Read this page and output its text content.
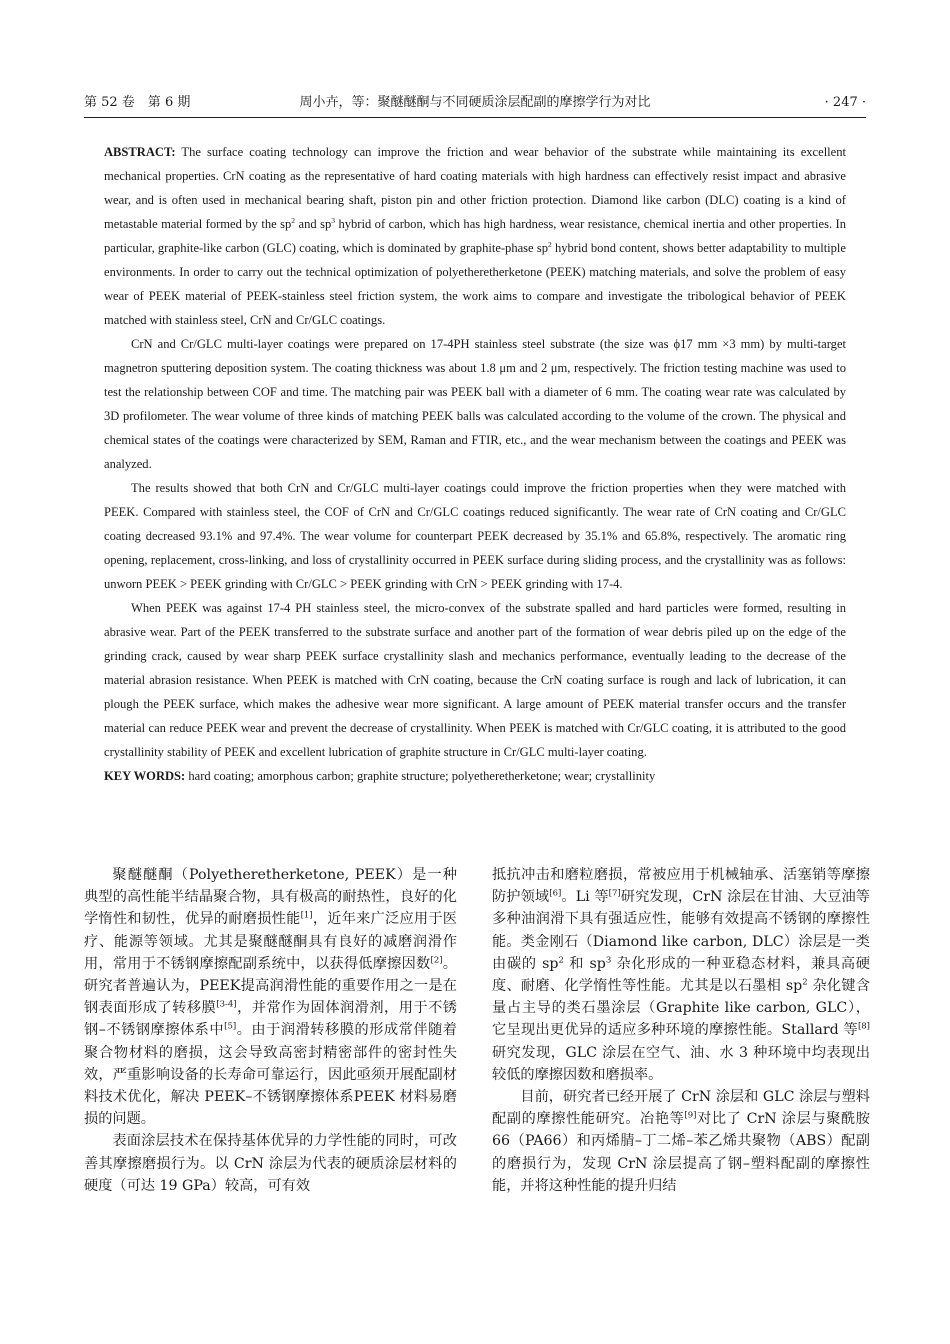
第 52 卷　第 6 期	周小卉，等：聚醚醚酮与不同硬质涂层配副的摩擦学行为对比	· 247 ·

ABSTRACT: The surface coating technology can improve the friction and wear behavior of the substrate while maintaining its excellent mechanical properties. CrN coating as the representative of hard coating materials with high hardness can effectively resist impact and abrasive wear, and is often used in mechanical bearing shaft, piston pin and other friction protection. Diamond like carbon (DLC) coating is a kind of metastable material formed by the $sp^2$ and $sp^3$ hybrid of carbon, which has high hardness, wear resistance, chemical inertia and other properties. In particular, graphite-like carbon (GLC) coating, which is dominated by graphite-phase $sp^2$ hybrid bond content, shows better adaptability to multiple environments. In order to carry out the technical optimization of polyetheretherketone (PEEK) matching materials, and solve the problem of easy wear of PEEK material of PEEK-stainless steel friction system, the work aims to compare and investigate the tribological behavior of PEEK matched with stainless steel, CrN and Cr/GLC coatings.

CrN and Cr/GLC multi-layer coatings were prepared on 17-4PH stainless steel substrate (the size was ϕ17 mm ×3 mm) by multi-target magnetron sputtering deposition system. The coating thickness was about 1.8 μm and 2 μm, respectively. The friction testing machine was used to test the relationship between COF and time. The matching pair was PEEK ball with a diameter of 6 mm. The coating wear rate was calculated by 3D profilometer. The wear volume of three kinds of matching PEEK balls was calculated according to the volume of the crown. The physical and chemical states of the coatings were characterized by SEM, Raman and FTIR, etc., and the wear mechanism between the coatings and PEEK was analyzed.

The results showed that both CrN and Cr/GLC multi-layer coatings could improve the friction properties when they were matched with PEEK. Compared with stainless steel, the COF of CrN and Cr/GLC coatings reduced significantly. The wear rate of CrN coating and Cr/GLC coating decreased 93.1% and 97.4%. The wear volume for counterpart PEEK decreased by 35.1% and 65.8%, respectively. The aromatic ring opening, replacement, cross-linking, and loss of crystallinity occurred in PEEK surface during sliding process, and the crystallinity was as follows: unworn PEEK > PEEK grinding with Cr/GLC > PEEK grinding with CrN > PEEK grinding with 17-4.

When PEEK was against 17-4 PH stainless steel, the micro-convex of the substrate spalled and hard particles were formed, resulting in abrasive wear. Part of the PEEK transferred to the substrate surface and another part of the formation of wear debris piled up on the edge of the grinding crack, caused by wear sharp PEEK surface crystallinity slash and mechanics performance, eventually leading to the decrease of the material abrasion resistance. When PEEK is matched with CrN coating, because the CrN coating surface is rough and lack of lubrication, it can plough the PEEK surface, which makes the adhesive wear more significant. A large amount of PEEK material transfer occurs and the transfer material can reduce PEEK wear and prevent the decrease of crystallinity. When PEEK is matched with Cr/GLC coating, it is attributed to the good crystallinity stability of PEEK and excellent lubrication of graphite structure in Cr/GLC multi-layer coating.

KEY WORDS: hard coating; amorphous carbon; graphite structure; polyetheretherketone; wear; crystallinity

聚醚醚酮（Polyetheretherketone, PEEK）是一种典型的高性能半结晶聚合物，具有极高的耐热性，良好的化学惰性和韧性，优异的耐磨损性能[1]，近年来广泛应用于医疗、能源等领域。尤其是聚醚醚酮具有良好的减磨润滑作用，常用于不锈钢摩擦配副系统中，以获得低摩擦因数[2]。研究者普遍认为，PEEK提高润滑性能的重要作用之一是在钢表面形成了转移膜[3-4]，并常作为固体润滑剂，用于不锈钢–不锈钢摩擦体系中[5]。由于润滑转移膜的形成常伴随着聚合物材料的磨损，这会导致高密封精密部件的密封性失效，严重影响设备的长寿命可靠运行，因此亟须开展配副材料技术优化，解决 PEEK–不锈钢摩擦体系PEEK 材料易磨损的问题。

表面涂层技术在保持基体优异的力学性能的同时，可改善其摩擦磨损行为。以 CrN 涂层为代表的硬质涂层材料的硬度（可达 19 GPa）较高，可有效

抵抗冲击和磨粒磨损，常被应用于机械轴承、活塞销等摩擦防护领域[6]。Li 等[7]研究发现，CrN 涂层在甘油、大豆油等多种油润滑下具有强适应性，能够有效提高不锈钢的摩擦性能。类金刚石（Diamond like carbon, DLC）涂层是一类由碳的 $sp^2$ 和 $sp^3$ 杂化形成的一种亚稳态材料，兼具高硬度、耐磨、化学惰性等性能。尤其是以石墨相 $sp^2$ 杂化键含量占主导的类石墨涂层（Graphite like carbon, GLC），它呈现出更优异的适应多种环境的摩擦性能。Stallard 等[8]研究发现，GLC 涂层在空气、油、水 3 种环境中均表现出较低的摩擦因数和磨损率。

目前，研究者已经开展了 CrN 涂层和 GLC 涂层与塑料配副的摩擦性能研究。冶艳等[9]对比了 CrN 涂层与聚酰胺 66（PA66）和丙烯腈–丁二烯–苯乙烯共聚物（ABS）配副的磨损行为，发现 CrN 涂层提高了钢–塑料配副的摩擦性能，并将这种性能的提升归结
